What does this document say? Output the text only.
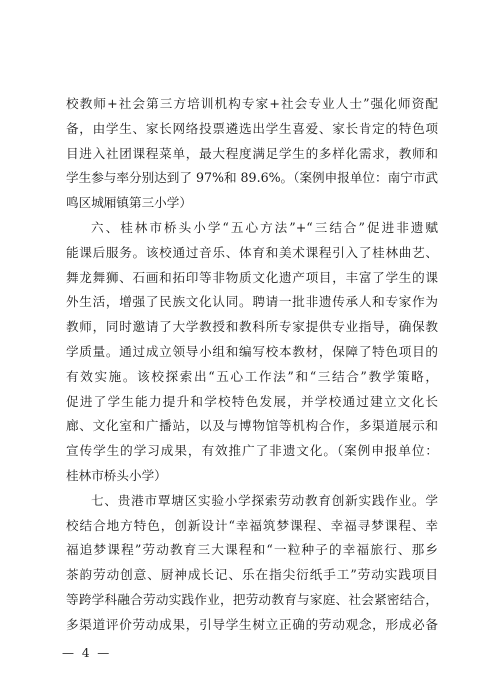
校教师+社会第三方培训机构专家+社会专业人士”强化师资配
备，由学生、家长网络投票遴选出学生喜爱、家长肯定的特色项
目进入社团课程菜单，最大程度满足学生的多样化需求，教师和
学生参与率分别达到了 97%和 89.6%。（案例申报单位：南宁市武
鸣区城厢镇第三小学）
六、桂林市桥头小学“五心方法”+“三结合”促进非遗赋
能课后服务。该校通过音乐、体育和美术课程引入了桂林曲艺、
舞龙舞狮、石画和拓印等非物质文化遗产项目，丰富了学生的课
外生活，增强了民族文化认同。聘请一批非遗传承人和专家作为
教师，同时邀请了大学教授和教科所专家提供专业指导，确保教
学质量。通过成立领导小组和编写校本教材，保障了特色项目的
有效实施。该校探索出“五心工作法”和“三结合”教学策略，
促进了学生能力提升和学校特色发展，并学校通过建立文化长
廊、文化室和广播站，以及与博物馆等机构合作，多渠道展示和
宣传学生的学习成果，有效推广了非遗文化。（案例申报单位：
桂林市桥头小学）
七、贵港市覃塘区实验小学探索劳动教育创新实践作业。学
校结合地方特色，创新设计“幸福筑梦课程、幸福寻梦课程、幸
福追梦课程”劳动教育三大课程和“一粒种子的幸福旅行、那乡
茶韵劳动创意、厨神成长记、乐在指尖衍纸手工”劳动实践项目
等跨学科融合劳动实践作业，把劳动教育与家庭、社会紧密结合，
多渠道评价劳动成果，引导学生树立正确的劳动观念，形成必备
— 4 —
